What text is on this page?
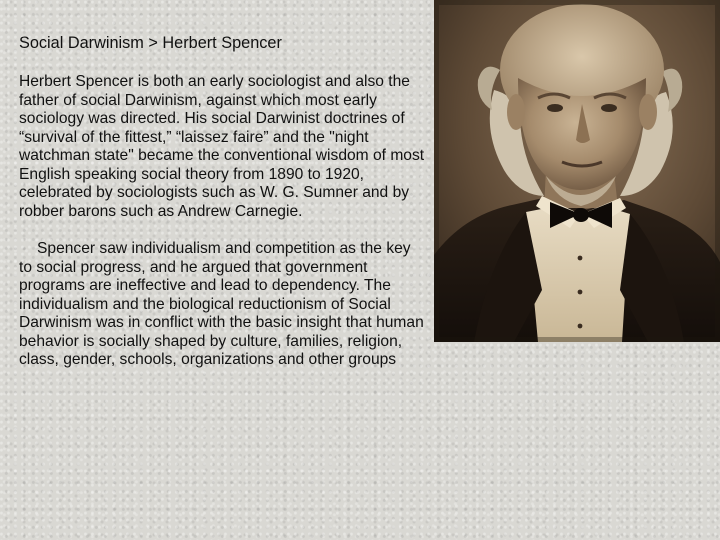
Social Darwinism > Herbert Spencer

Herbert Spencer is both an early sociologist and also the father of social Darwinism, against which most early sociology was directed. His social Darwinist doctrines of “survival of the fittest,” “laissez faire” and the "night watchman state" became the conventional wisdom of most English speaking social theory from 1890 to 1920, celebrated by sociologists such as W. G. Sumner and by robber barons such as Andrew Carnegie.

Spencer saw individualism and competition as the key to social progress, and he argued that government programs are ineffective and lead to dependency. The individualism and the biological reductionism of Social Darwinism was in conflict with the basic insight that human behavior is socially shaped by culture, families, religion, class, gender, schools, organizations and other groups
